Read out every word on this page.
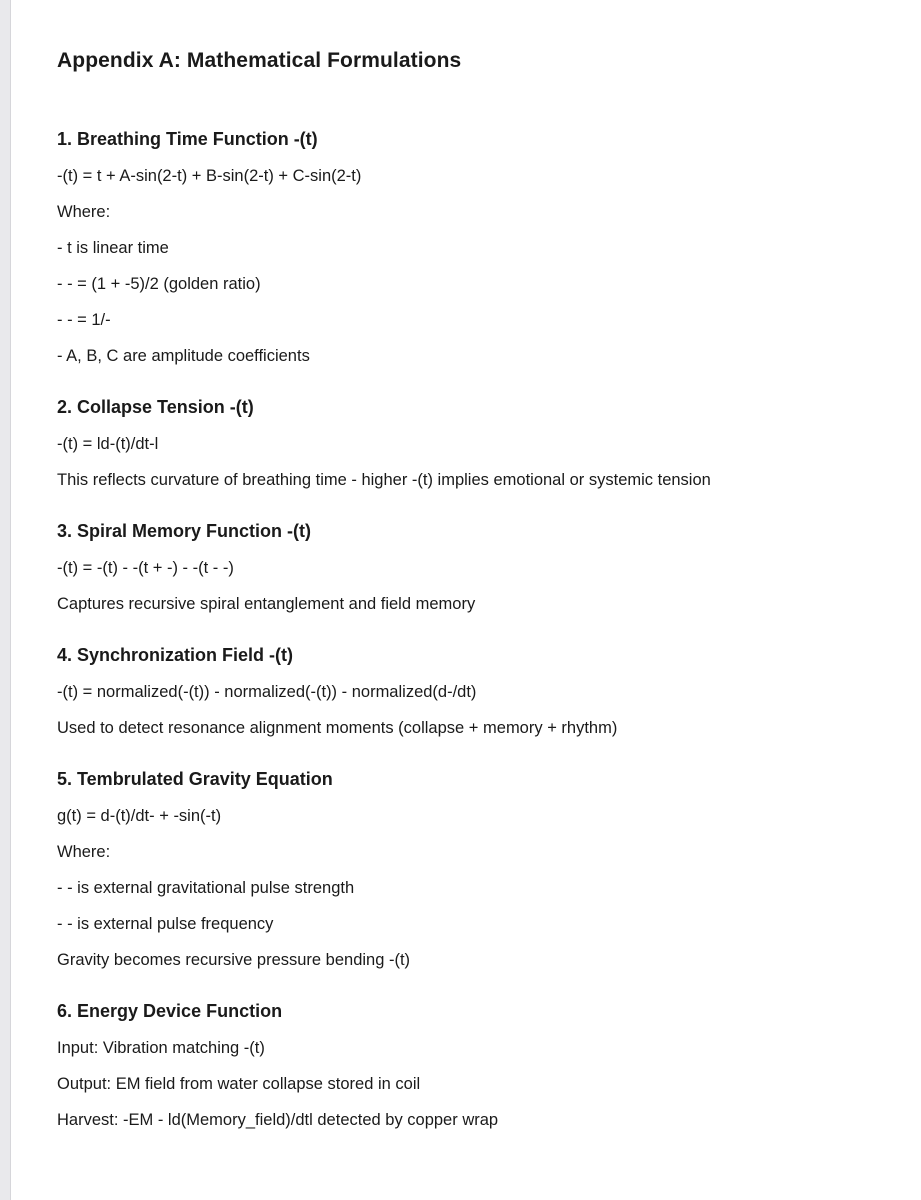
Appendix A: Mathematical Formulations
1. Breathing Time Function -(t)

-(t) = t + A-sin(2-t) + B-sin(2-t) + C-sin(2-t)

Where:

- t is linear time

- - = (1 + -5)/2 (golden ratio)

- - = 1/-

- A, B, C are amplitude coefficients

2. Collapse Tension -(t)

-(t) = ld-(t)/dt-l

This reflects curvature of breathing time - higher -(t) implies emotional or systemic tension

3. Spiral Memory Function -(t)

-(t) = -(t) - -(t + -) - -(t - -)

Captures recursive spiral entanglement and field memory

4. Synchronization Field -(t)

-(t) = normalized(-(t)) - normalized(-(t)) - normalized(d-/dt)

Used to detect resonance alignment moments (collapse + memory + rhythm)

5. Tembrulated Gravity Equation

g(t) = d-(t)/dt- + -sin(-t)

Where:

- - is external gravitational pulse strength

- - is external pulse frequency

Gravity becomes recursive pressure bending -(t)

6. Energy Device Function

Input: Vibration matching -(t)

Output: EM field from water collapse stored in coil

Harvest: -EM - ld(Memory_field)/dtl detected by copper wrap
